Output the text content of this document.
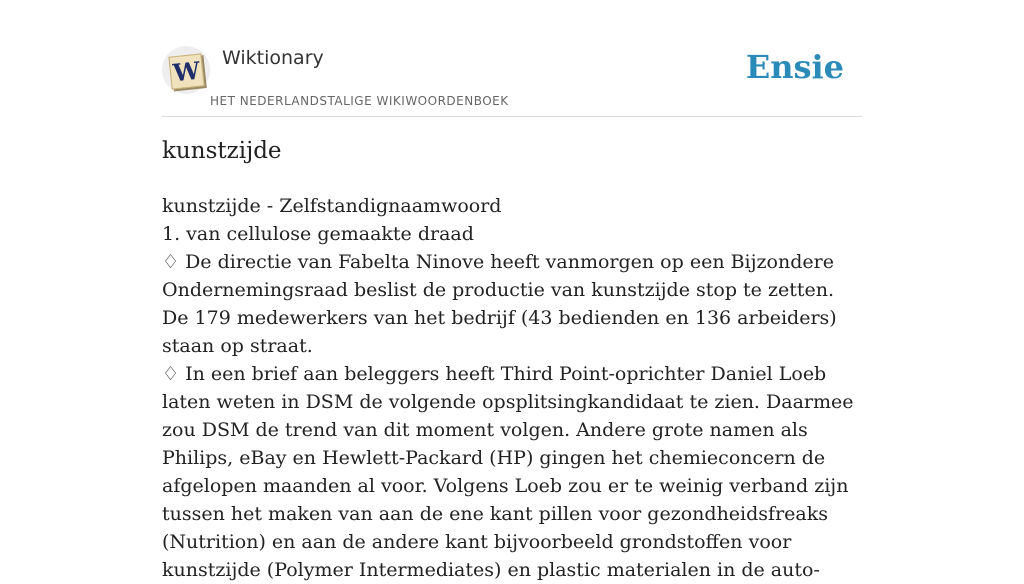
W Wiktionary
HET NEDERLANDSTALIGE WIKIWOORDENBOEK
Ensie
kunstzijde

kunstzijde - Zelfstandignaamwoord

1. van cellulose gemaakte draad

♢ De directie van Fabelta Ninove heeft vanmorgen op een Bijzondere Ondernemingsraad beslist de productie van kunstzijde stop te zetten. De 179 medewerkers van het bedrijf (43 bedienden en 136 arbeiders) staan op straat.

♢ In een brief aan beleggers heeft Third Point-oprichter Daniel Loeb laten weten in DSM de volgende opsplitsingkandidaat te zien. Daarmee zou DSM de trend van dit moment volgen. Andere grote namen als Philips, eBay en Hewlett-Packard (HP) gingen het chemieconcern de afgelopen maanden al voor. Volgens Loeb zou er te weinig verband zijn tussen het maken van aan de ene kant pillen voor gezondheidsfreaks (Nutrition) en aan de andere kant bijvoorbeeld grondstoffen voor kunstzijde (Polymer Intermediates) en plastic materialen in de auto-
